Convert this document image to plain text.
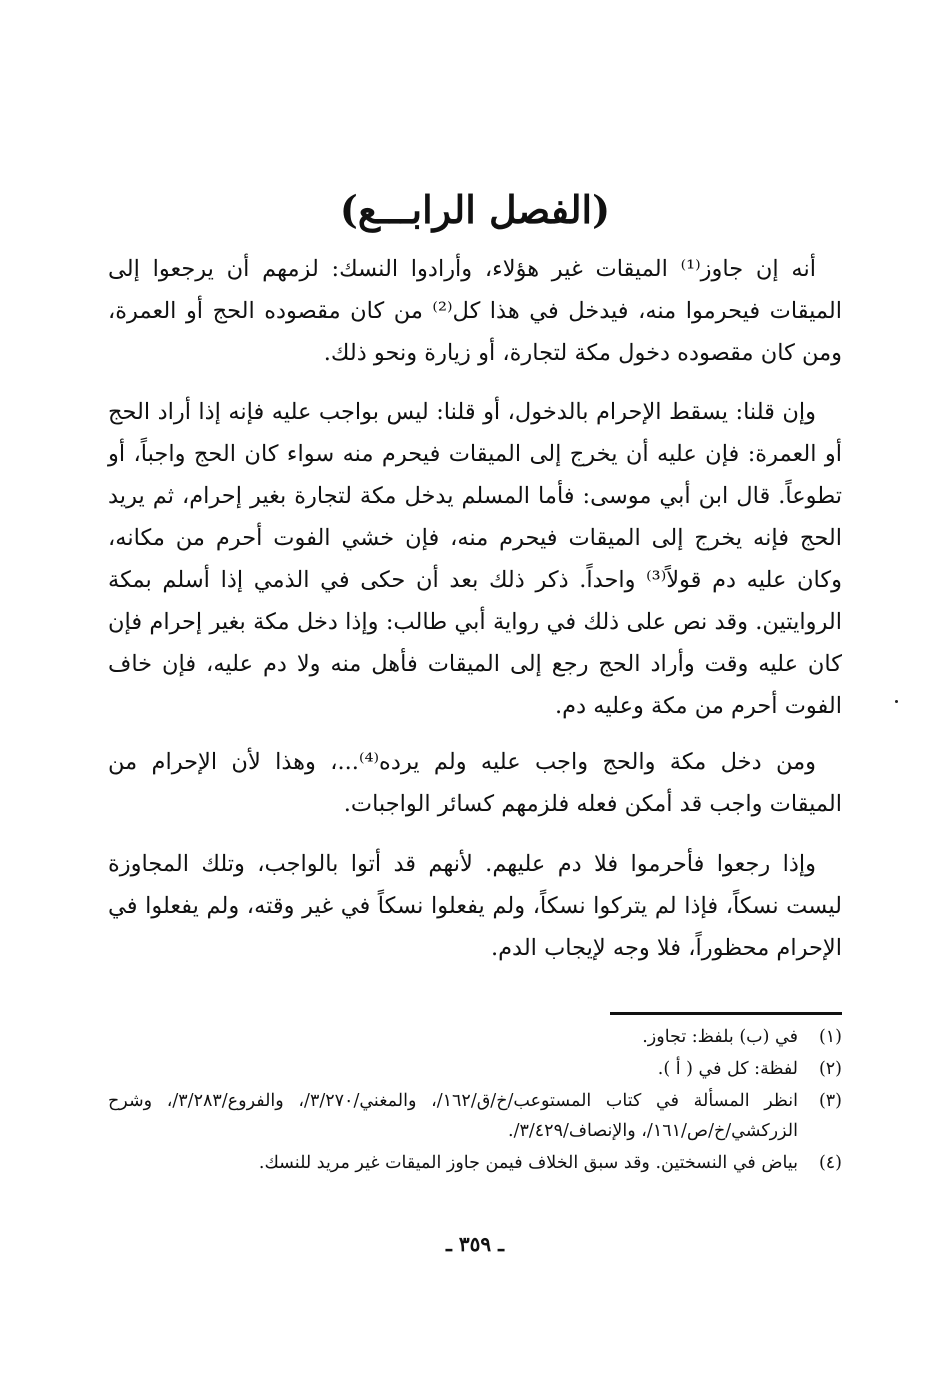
(الفصل الرابـــع)

أنه إن جاوز⁽¹⁾ الميقات غير هؤلاء، وأرادوا النسك: لزمهم أن يرجعوا إلى الميقات فيحرموا منه، فيدخل في هذا كل⁽²⁾ من كان مقصوده الحج أو العمرة، ومن كان مقصوده دخول مكة لتجارة، أو زيارة ونحو ذلك.

وإن قلنا: يسقط الإحرام بالدخول، أو قلنا: ليس بواجب عليه فإنه إذا أراد الحج أو العمرة: فإن عليه أن يخرج إلى الميقات فيحرم منه سواء كان الحج واجباً، أو تطوعاً. قال ابن أبي موسى: فأما المسلم يدخل مكة لتجارة بغير إحرام، ثم يريد الحج فإنه يخرج إلى الميقات فيحرم منه، فإن خشي الفوت أحرم من مكانه، وكان عليه دم قولاً⁽³⁾ واحداً. ذكر ذلك بعد أن حكى في الذمي إذا أسلم بمكة الروايتين. وقد نص على ذلك في رواية أبي طالب: وإذا دخل مكة بغير إحرام فإن كان عليه وقت وأراد الحج رجع إلى الميقات فأهل منه ولا دم عليه، فإن خاف الفوت أحرم من مكة وعليه دم.

ومن دخل مكة والحج واجب عليه ولم يرده⁽⁴⁾...، وهذا لأن الإحرام من الميقات واجب قد أمكن فعله فلزمهم كسائر الواجبات.

وإذا رجعوا فأحرموا فلا دم عليهم. لأنهم قد أتوا بالواجب، وتلك المجاوزة ليست نسكاً، فإذا لم يتركوا نسكاً، ولم يفعلوا نسكاً في غير وقته، ولم يفعلوا في الإحرام محظوراً، فلا وجه لإيجاب الدم.

(١)
في (ب) بلفظ: تجاوز.
(٢)
لفظة: كل في ( أ ).
(٣)
انظر المسألة في كتاب المستوعب/خ/ق/١٦٢/، والمغني/٣/٢٧٠/، والفروع/٣/٢٨٣/، وشرح الزركشي/خ/ص/١٦١/، والإنصاف/٣/٤٢٩/.
(٤)
بياض في النسختين. وقد سبق الخلاف فيمن جاوز الميقات غير مريد للنسك.
ـ ٣٥٩ ـ
